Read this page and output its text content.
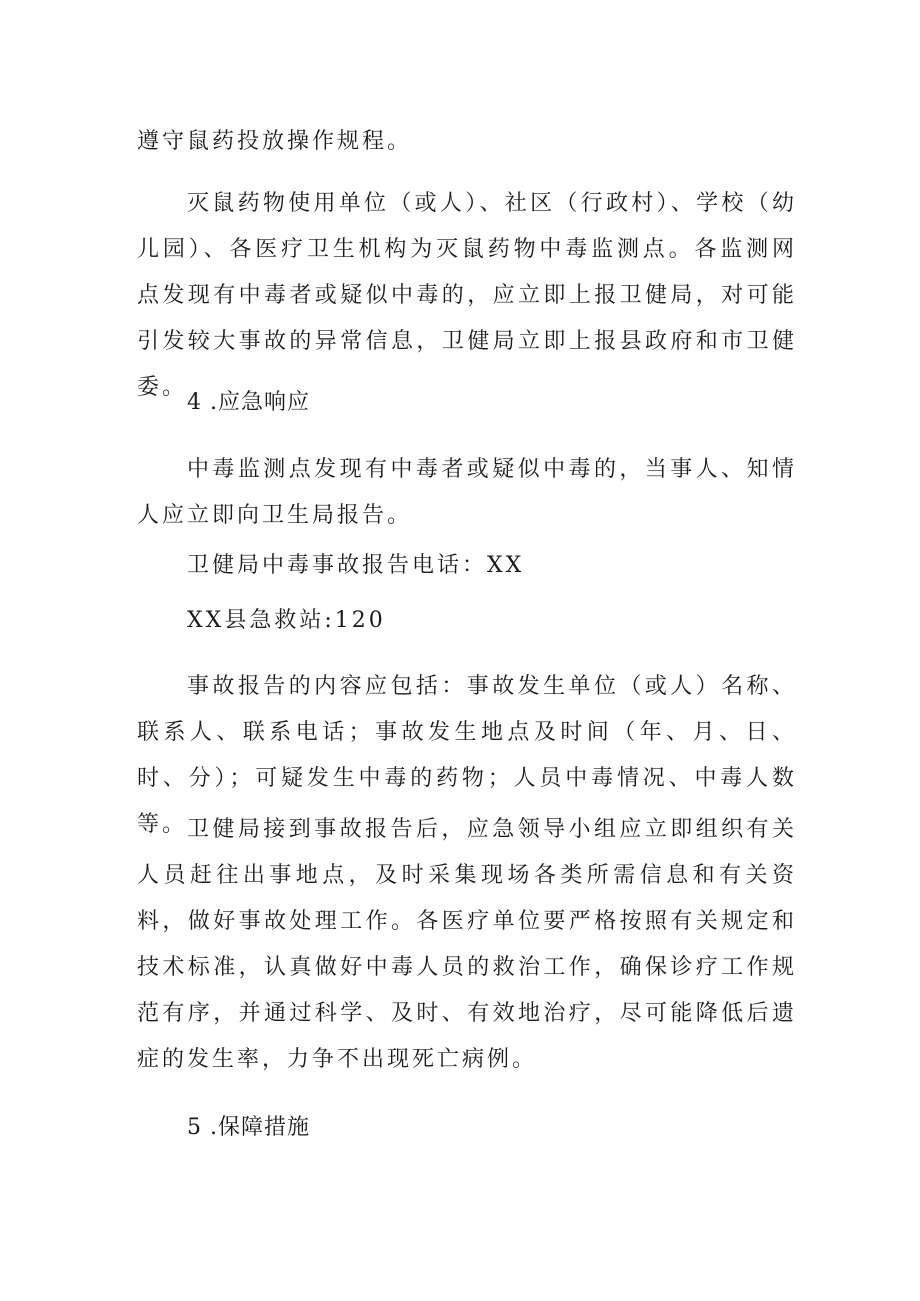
遵守鼠药投放操作规程。

灭鼠药物使用单位（或人）、社区（行政村）、学校（幼儿园）、各医疗卫生机构为灭鼠药物中毒监测点。各监测网点发现有中毒者或疑似中毒的，应立即上报卫健局，对可能引发较大事故的异常信息，卫健局立即上报县政府和市卫健委。

4 .应急响应

中毒监测点发现有中毒者或疑似中毒的，当事人、知情人应立即向卫生局报告。

卫健局中毒事故报告电话：XX

XX县急救站:120

事故报告的内容应包括：事故发生单位（或人）名称、联系人、联系电话；事故发生地点及时间（年、月、日、时、分）；可疑发生中毒的药物；人员中毒情况、中毒人数等。 卫健局接到事故报告后，应急领导小组应立即组织有关人员赶往出事地点，及时采集现场各类所需信息和有关资料，做好事故处理工作。各医疗单位要严格按照有关规定和技术标准，认真做好中毒人员的救治工作，确保诊疗工作规范有序，并通过科学、及时、有效地治疗，尽可能降低后遗症的发生率，力争不出现死亡病例。

5 .保障措施
